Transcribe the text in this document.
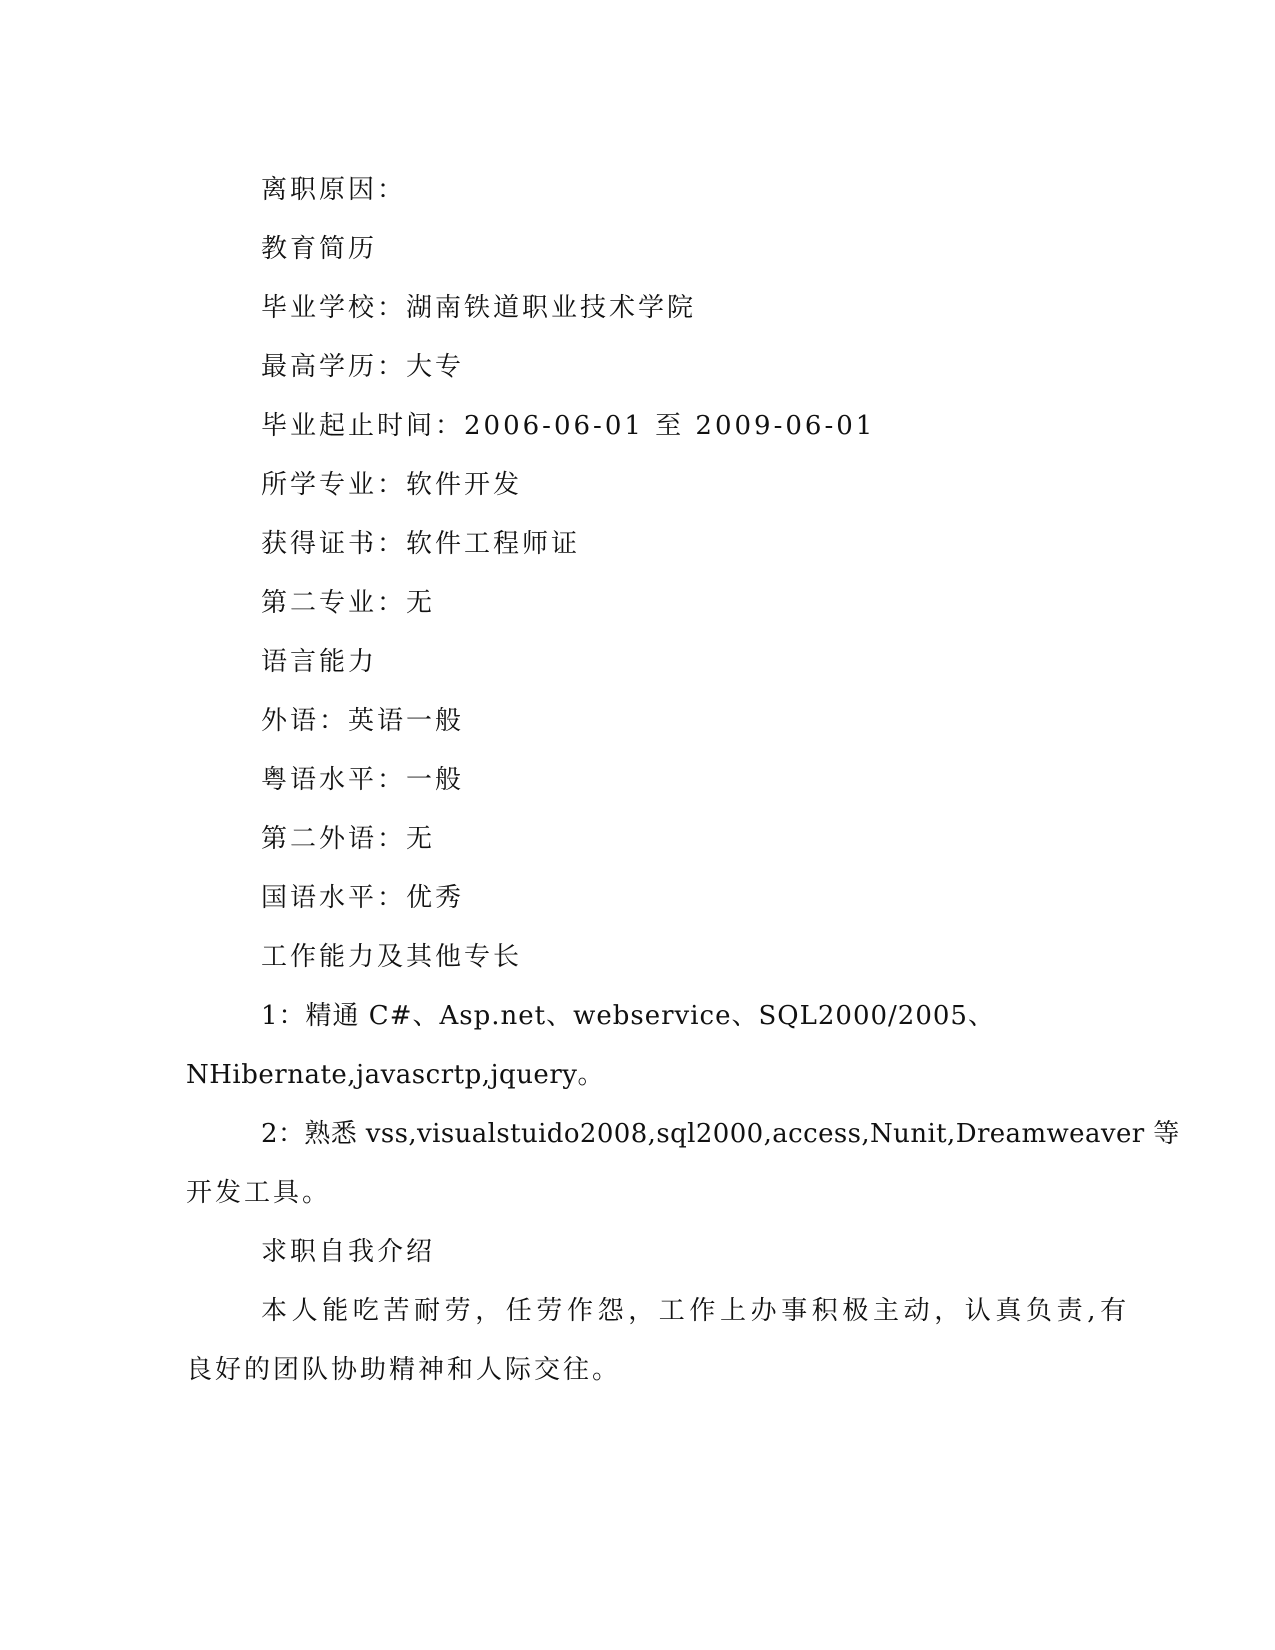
离职原因：
教育简历
毕业学校：湖南铁道职业技术学院
最高学历：大专
毕业起止时间：2006-06-01 至 2009-06-01
所学专业：软件开发
获得证书：软件工程师证
第二专业：无
语言能力
外语：英语一般
粤语水平：一般
第二外语：无
国语水平：优秀
工作能力及其他专长
1：精通 C#、Asp.net、webservice、SQL2000/2005、
NHibernate,javascrtp,jquery。
2：熟悉 vss,visualstuido2008,sql2000,access,Nunit,Dreamweaver 等
开发工具。
求职自我介绍
本人能吃苦耐劳，任劳作怨，工作上办事积极主动，认真负责,有
良好的团队协助精神和人际交往。
